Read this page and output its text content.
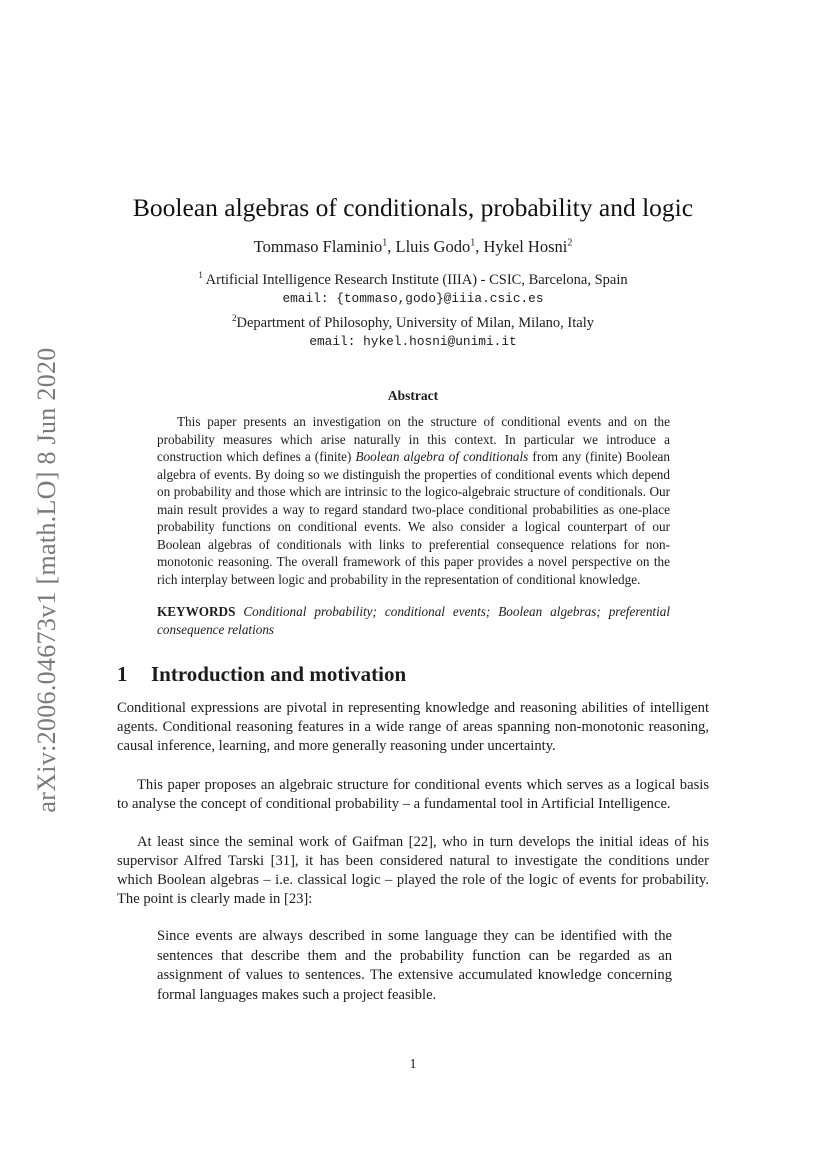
arXiv:2006.04673v1 [math.LO] 8 Jun 2020
Boolean algebras of conditionals, probability and logic
Tommaso Flaminio$^1$, Lluis Godo$^1$, Hykel Hosni$^2$
$^1$ Artificial Intelligence Research Institute (IIIA) - CSIC, Barcelona, Spain
email: {tommaso,godo}@iiia.csic.es
$^2$Department of Philosophy, University of Milan, Milano, Italy
email: hykel.hosni@unimi.it
Abstract
This paper presents an investigation on the structure of conditional events and on the probability measures which arise naturally in this context. In particular we introduce a construction which defines a (finite) Boolean algebra of conditionals from any (finite) Boolean algebra of events. By doing so we distinguish the properties of conditional events which depend on probability and those which are intrinsic to the logico-algebraic structure of conditionals. Our main result provides a way to regard standard two-place conditional probabilities as one-place probability functions on conditional events. We also consider a logical counterpart of our Boolean algebras of conditionals with links to preferential consequence relations for non-monotonic reasoning. The overall framework of this paper provides a novel perspective on the rich interplay between logic and probability in the representation of conditional knowledge.
KEYWORDS Conditional probability; conditional events; Boolean algebras; preferential consequence relations
1 Introduction and motivation
Conditional expressions are pivotal in representing knowledge and reasoning abilities of intelligent agents. Conditional reasoning features in a wide range of areas spanning non-monotonic reasoning, causal inference, learning, and more generally reasoning under uncertainty.
This paper proposes an algebraic structure for conditional events which serves as a logical basis to analyse the concept of conditional probability – a fundamental tool in Artificial Intelligence.
At least since the seminal work of Gaifman [22], who in turn develops the initial ideas of his supervisor Alfred Tarski [31], it has been considered natural to investigate the conditions under which Boolean algebras – i.e. classical logic – played the role of the logic of events for probability. The point is clearly made in [23]:
Since events are always described in some language they can be identified with the sentences that describe them and the probability function can be regarded as an assignment of values to sentences. The extensive accumulated knowledge concerning formal languages makes such a project feasible.
1
